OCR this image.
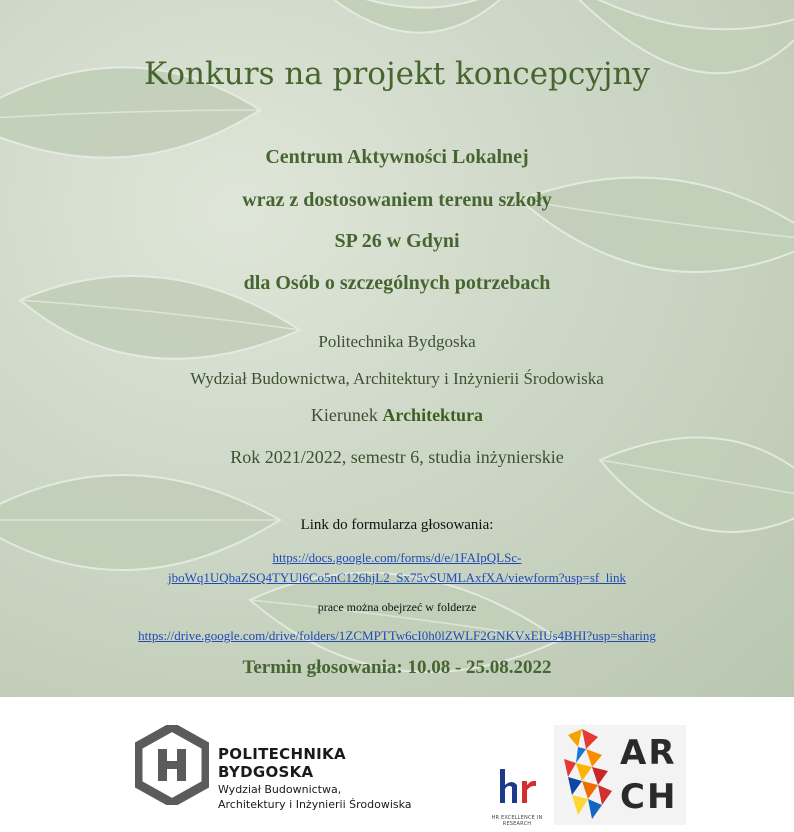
Konkurs na projekt koncepcyjny
Centrum Aktywności Lokalnej
wraz z dostosowaniem terenu szkoły
SP 26 w Gdyni
dla Osób o szczególnych potrzebach
Politechnika Bydgoska
Wydział Budownictwa, Architektury i Inżynierii Środowiska
Kierunek Architektura
Rok 2021/2022, semestr 6, studia inżynierskie
Link do formularza głosowania:
https://docs.google.com/forms/d/e/1FAIpQLSc-
jboWq1UQbaZSQ4TYUl6Co5nC126hjL2_Sx75vSUMLAxfXA/viewform?usp=sf_link
prace można obejrzeć w folderze
https://drive.google.com/drive/folders/1ZCMPTTw6cI0h0lZWLF2GNKVxEIUs4BHI?usp=sharing
Termin głosowania: 10.08 - 25.08.2022
POLITECHNIKA
BYDGOSKA
Wydział Budownictwa,
Architektury i Inżynierii Środowiska
HR EXCELLENCE IN RESEARCH
AR
CH
